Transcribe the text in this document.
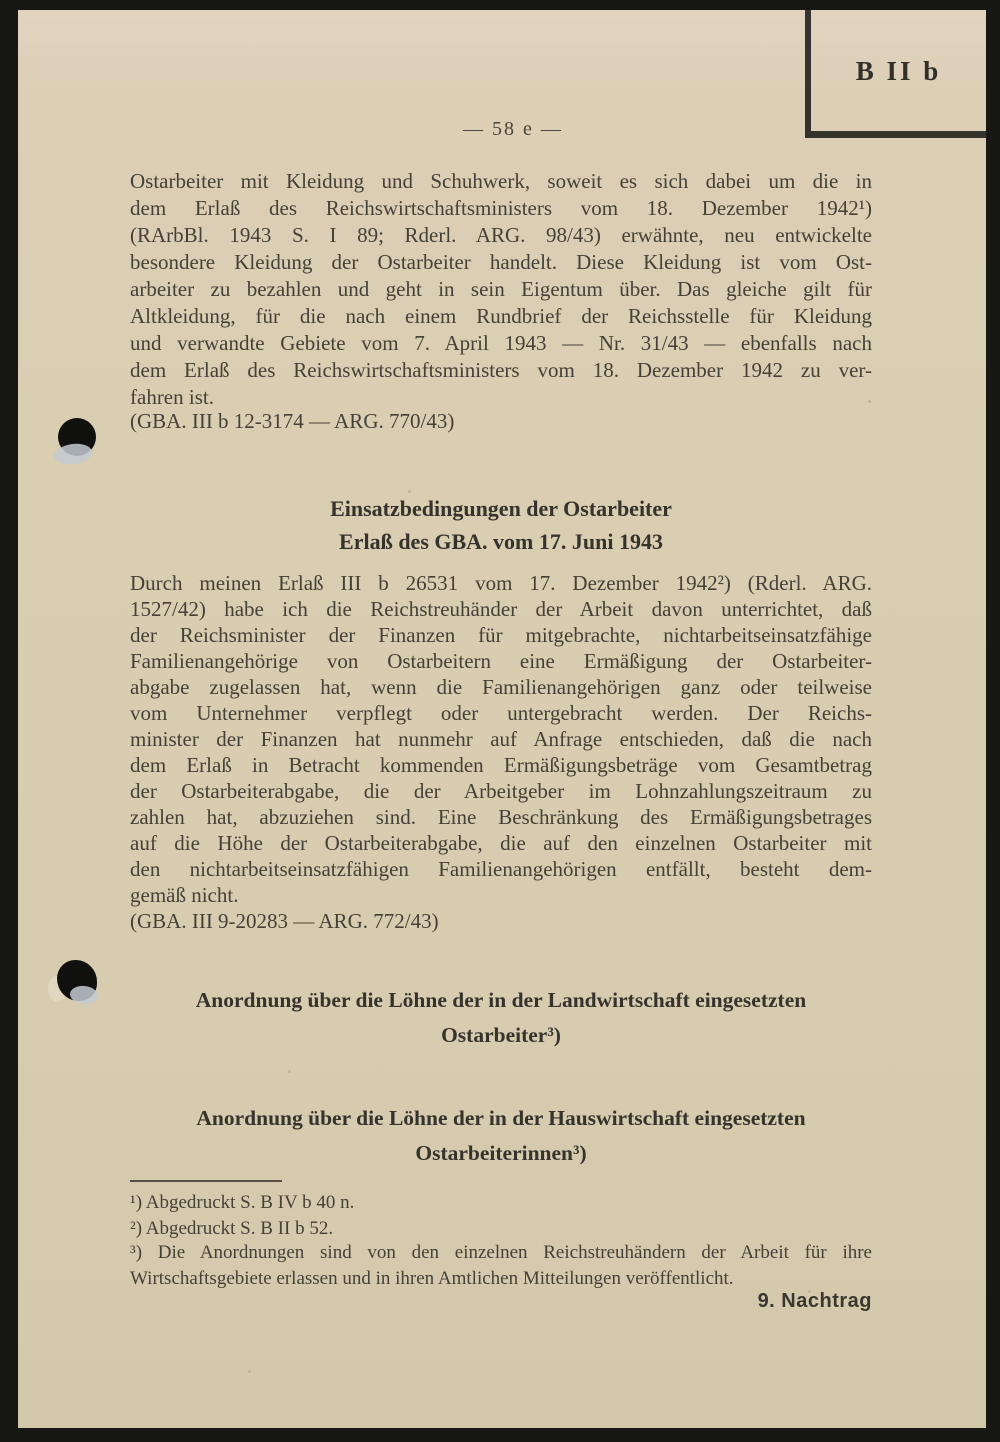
B II b
— 58 e —
Ostarbeiter mit Kleidung und Schuhwerk, soweit es sich dabei um die in
dem Erlaß des Reichswirtschaftsministers vom 18. Dezember 1942¹)
(RArbBl. 1943 S. I 89; Rderl. ARG. 98/43) erwähnte, neu entwickelte
besondere Kleidung der Ostarbeiter handelt. Diese Kleidung ist vom Ost-
arbeiter zu bezahlen und geht in sein Eigentum über. Das gleiche gilt für
Altkleidung, für die nach einem Rundbrief der Reichsstelle für Kleidung
und verwandte Gebiete vom 7. April 1943 — Nr. 31/43 — ebenfalls nach
dem Erlaß des Reichswirtschaftsministers vom 18. Dezember 1942 zu ver-
fahren ist.
(GBA. III b 12-3174 — ARG. 770/43)
Einsatzbedingungen der Ostarbeiter
Erlaß des GBA. vom 17. Juni 1943
Durch meinen Erlaß III b 26531 vom 17. Dezember 1942²) (Rderl. ARG.
1527/42) habe ich die Reichstreuhänder der Arbeit davon unterrichtet, daß
der Reichsminister der Finanzen für mitgebrachte, nichtarbeitseinsatzfähige
Familienangehörige von Ostarbeitern eine Ermäßigung der Ostarbeiter-
abgabe zugelassen hat, wenn die Familienangehörigen ganz oder teilweise
vom Unternehmer verpflegt oder untergebracht werden. Der Reichs-
minister der Finanzen hat nunmehr auf Anfrage entschieden, daß die nach
dem Erlaß in Betracht kommenden Ermäßigungsbeträge vom Gesamtbetrag
der Ostarbeiterabgabe, die der Arbeitgeber im Lohnzahlungszeitraum zu
zahlen hat, abzuziehen sind. Eine Beschränkung des Ermäßigungsbetrages
auf die Höhe der Ostarbeiterabgabe, die auf den einzelnen Ostarbeiter mit
den nichtarbeitseinsatzfähigen Familienangehörigen entfällt, besteht dem-
gemäß nicht.
(GBA. III 9-20283 — ARG. 772/43)
Anordnung über die Löhne der in der Landwirtschaft eingesetzten
Ostarbeiter³)
Anordnung über die Löhne der in der Hauswirtschaft eingesetzten
Ostarbeiterinnen³)
¹) Abgedruckt S. B IV b 40 n.
²) Abgedruckt S. B II b 52.
³) Die Anordnungen sind von den einzelnen Reichstreuhändern der Arbeit für ihre
Wirtschaftsgebiete erlassen und in ihren Amtlichen Mitteilungen veröffentlicht.
9. Nachtrag
